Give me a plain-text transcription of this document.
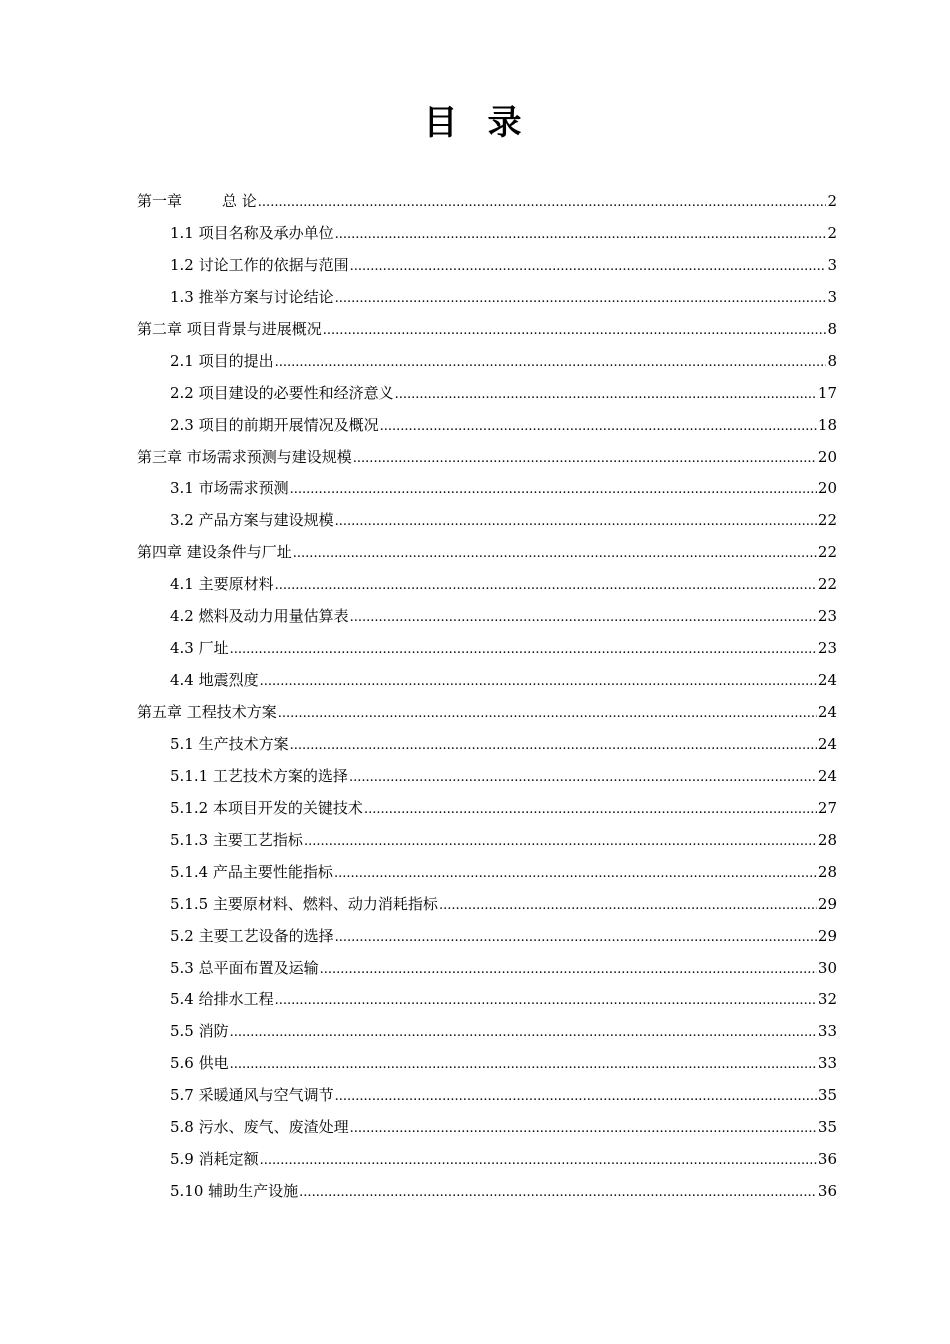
目录
第一章	总 论 .....	2
1.1 项目名称及承办单位 .....	2
1.2 讨论工作的依据与范围 .....	3
1.3 推举方案与讨论结论 .....	3
第二章 项目背景与进展概况 .....	8
2.1 项目的提出 .....	8
2.2 项目建设的必要性和经济意义 .....	17
2.3 项目的前期开展情况及概况 .....	18
第三章 市场需求预测与建设规模 .....	20
3.1 市场需求预测 .....	20
3.2 产品方案与建设规模 .....	22
第四章 建设条件与厂址 .....	22
4.1 主要原材料 .....	22
4.2 燃料及动力用量估算表 .....	23
4.3 厂址 .....	23
4.4 地震烈度 .....	24
第五章 工程技术方案 .....	24
5.1 生产技术方案 .....	24
5.1.1 工艺技术方案的选择 .....	24
5.1.2 本项目开发的关键技术 .....	27
5.1.3 主要工艺指标 .....	28
5.1.4 产品主要性能指标 .....	28
5.1.5 主要原材料、燃料、动力消耗指标 .....	29
5.2 主要工艺设备的选择 .....	29
5.3 总平面布置及运输 .....	30
5.4 给排水工程 .....	32
5.5 消防 .....	33
5.6 供电 .....	33
5.7 采暖通风与空气调节 .....	35
5.8 污水、废气、废渣处理 .....	35
5.9 消耗定额 .....	36
5.10 辅助生产设施 .....	36
